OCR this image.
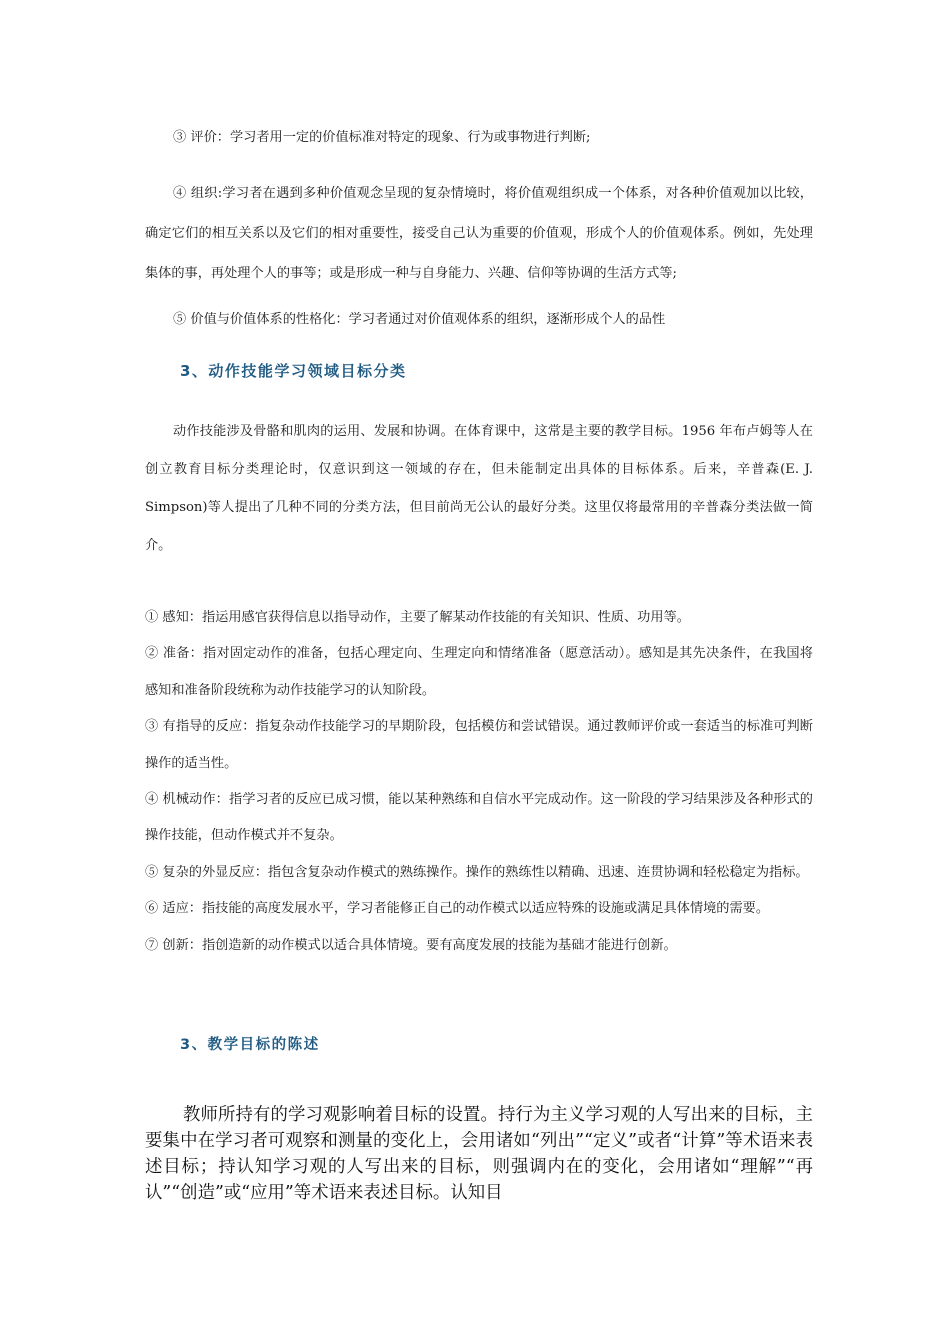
③ 评价：学习者用一定的价值标准对特定的现象、行为或事物进行判断;

④ 组织:学习者在遇到多种价值观念呈现的复杂情境时，将价值观组织成一个体系，对各种价值观加以比较，确定它们的相互关系以及它们的相对重要性，接受自己认为重要的价值观，形成个人的价值观体系。例如，先处理集体的事，再处理个人的事等；或是形成一种与自身能力、兴趣、信仰等协调的生活方式等;

⑤ 价值与价值体系的性格化：学习者通过对价值观体系的组织，逐渐形成个人的品性

3、动作技能学习领域目标分类

动作技能涉及骨骼和肌肉的运用、发展和协调。在体育课中，这常是主要的教学目标。1956 年布卢姆等人在创立教育目标分类理论时，仅意识到这一领域的存在，但未能制定出具体的目标体系。后来，辛普森(E. J. Simpson)等人提出了几种不同的分类方法，但目前尚无公认的最好分类。这里仅将最常用的辛普森分类法做一简介。

① 感知：指运用感官获得信息以指导动作，主要了解某动作技能的有关知识、性质、功用等。
② 准备：指对固定动作的准备，包括心理定向、生理定向和情绪准备（愿意活动）。感知是其先决条件，在我国将感知和准备阶段统称为动作技能学习的认知阶段。
③ 有指导的反应：指复杂动作技能学习的早期阶段，包括模仿和尝试错误。通过教师评价或一套适当的标准可判断操作的适当性。
④ 机械动作：指学习者的反应已成习惯，能以某种熟练和自信水平完成动作。这一阶段的学习结果涉及各种形式的操作技能，但动作模式并不复杂。
⑤ 复杂的外显反应：指包含复杂动作模式的熟练操作。操作的熟练性以精确、迅速、连贯协调和轻松稳定为指标。
⑥ 适应：指技能的高度发展水平，学习者能修正自己的动作模式以适应特殊的设施或满足具体情境的需要。
⑦ 创新：指创造新的动作模式以适合具体情境。要有高度发展的技能为基础才能进行创新。
3、教学目标的陈述

教师所持有的学习观影响着目标的设置。持行为主义学习观的人写出来的目标，主要集中在学习者可观察和测量的变化上，会用诸如“列出”“定义”或者“计算”等术语来表述目标；持认知学习观的人写出来的目标，则强调内在的变化，会用诸如“理解”“再认”“创造”或“应用”等术语来表述目标。认知目
